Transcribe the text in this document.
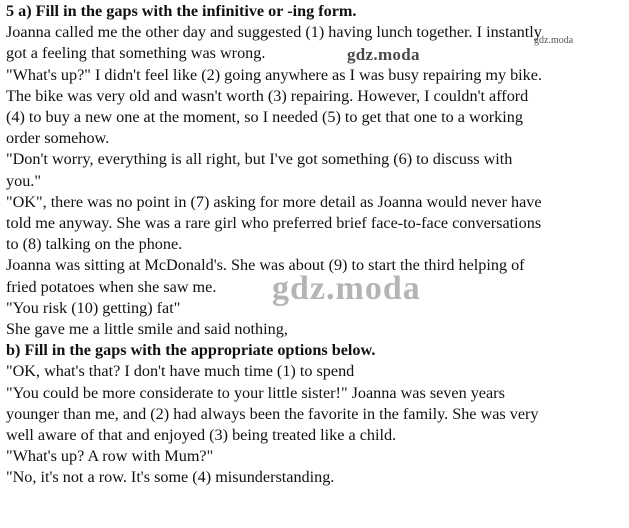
5 a) Fill in the gaps with the infinitive or -ing form.
Joanna called me the other day and suggested (1) having lunch together. I instantly
got a feeling that something was wrong.
"What's up?" I didn't feel like (2) going anywhere as I was busy repairing my bike.
The bike was very old and wasn't worth (3) repairing. However, I couldn't afford
(4) to buy a new one at the moment, so I needed (5) to get that one to a working
order somehow.
"Don't worry, everything is all right, but I've got something (6) to discuss with
you."
"OK", there was no point in (7) asking for more detail as Joanna would never have
told me anyway. She was a rare girl who preferred brief face-to-face conversations
to (8) talking on the phone.
Joanna was sitting at McDonald's. She was about (9) to start the third helping of
fried potatoes when she saw me.
"You risk (10) getting) fat"
She gave me a little smile and said nothing,
b) Fill in the gaps with the appropriate options below.
"OK, what's that? I don't have much time (1) to spend
"You could be more considerate to your little sister!" Joanna was seven years
younger than me, and (2) had always been the favorite in the family. She was very
well aware of that and enjoyed (3) being treated like a child.
"What's up? A row with Mum?"
"No, it's not a row. It's some (4) misunderstanding.
gdz.moda
gdz.moda
gdz.moda
